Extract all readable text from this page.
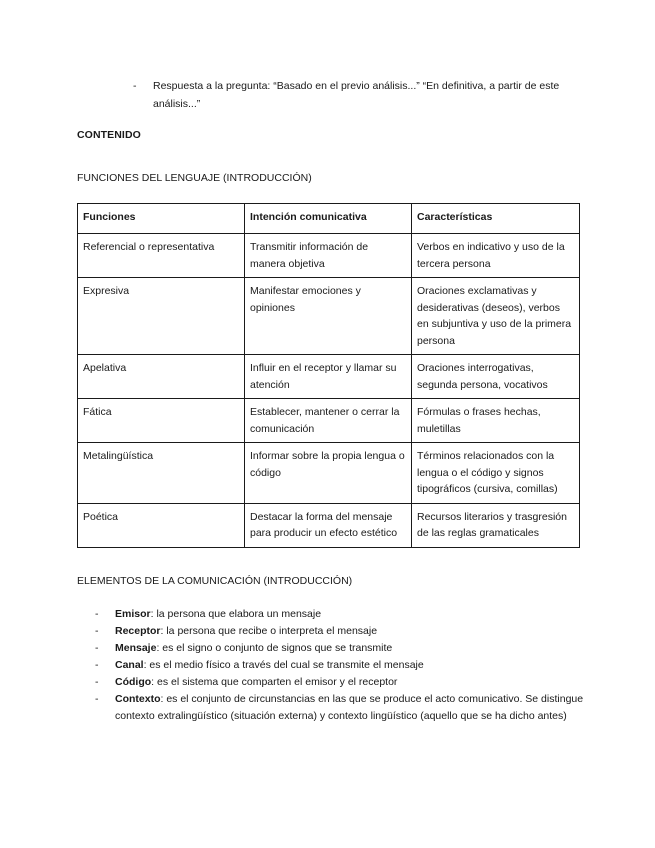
- Respuesta a la pregunta: “Basado en el previo análisis...” “En definitiva, a partir de este análisis...”
CONTENIDO
FUNCIONES DEL LENGUAJE (INTRODUCCIÓN)
Funciones	Intención comunicativa	Características
Referencial o representativa	Transmitir información de manera objetiva	Verbos en indicativo y uso de la tercera persona
Expresiva	Manifestar emociones y opiniones	Oraciones exclamativas y desiderativas (deseos), verbos en subjuntiva y uso de la primera persona
Apelativa	Influir en el receptor y llamar su atención	Oraciones interrogativas, segunda persona, vocativos
Fática	Establecer, mantener o cerrar la comunicación	Fórmulas o frases hechas, muletillas
Metalingüística	Informar sobre la propia lengua o código	Términos relacionados con la lengua o el código y signos tipográficos (cursiva, comillas)
Poética	Destacar la forma del mensaje para producir un efecto estético	Recursos literarios y trasgresión de las reglas gramaticales
ELEMENTOS DE LA COMUNICACIÓN (INTRODUCCIÓN)
- Emisor: la persona que elabora un mensaje
- Receptor: la persona que recibe o interpreta el mensaje
- Mensaje: es el signo o conjunto de signos que se transmite
- Canal: es el medio físico a través del cual se transmite el mensaje
- Código: es el sistema que comparten el emisor y el receptor
- Contexto: es el conjunto de circunstancias en las que se produce el acto comunicativo. Se distingue contexto extralingüístico (situación externa) y contexto lingüístico (aquello que se ha dicho antes)
